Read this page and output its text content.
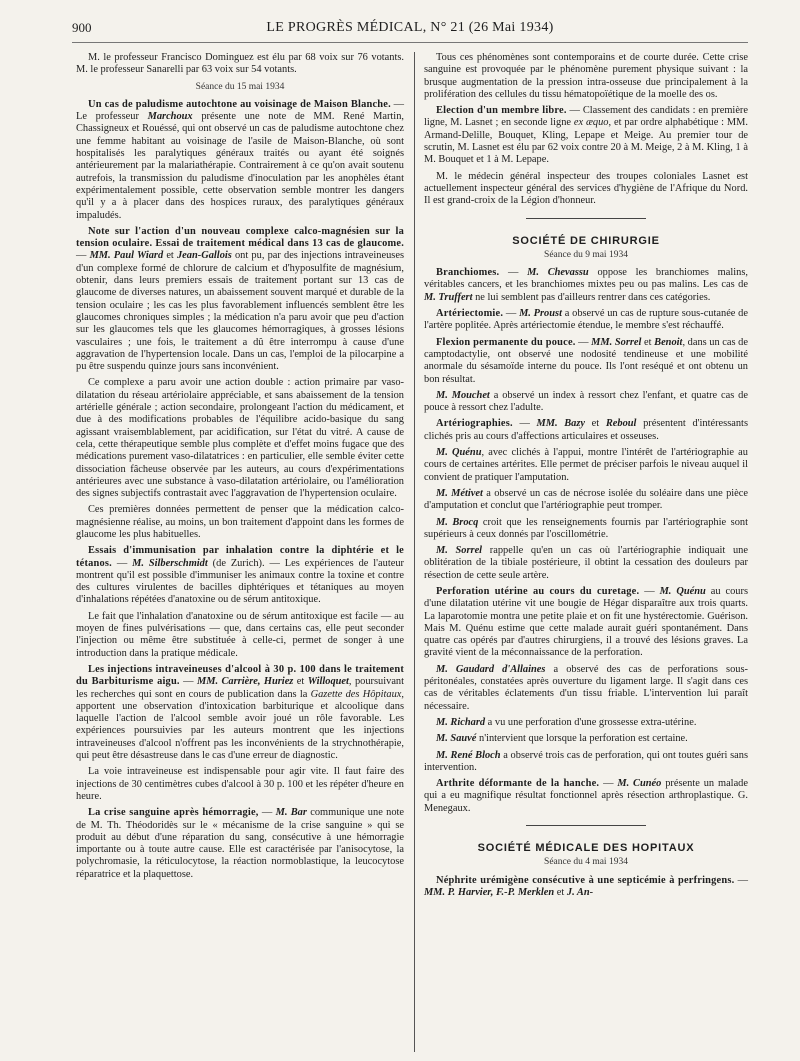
900	LE PROGRÈS MÉDICAL, N° 21 (26 Mai 1934)

M. le professeur Francisco Dominguez est élu par 68 voix sur 76 votants. M. le professeur Sanarelli par 63 voix sur 54 votants.

Séance du 15 mai 1934

Un cas de paludisme autochtone au voisinage de Maison Blanche. — Le professeur Marchoux présente une note de MM. René Martin, Chassigneux et Rouéssé, qui ont observé un cas de paludisme autochtone chez une femme habitant au voisinage de l'asile de Maison-Blanche, où sont hospitalisés les paralytiques généraux traités ou ayant été soignés antérieurement par la malariathérapie. Contrairement à ce qu'on avait soutenu autrefois, la transmission du paludisme d'inoculation par les anophèles étant expérimentalement possible, cette observation semble montrer les dangers qu'il y a à placer dans des hospices ruraux, des paralytiques généraux impaludés.

Note sur l'action d'un nouveau complexe calco-magnésien sur la tension oculaire. Essai de traitement médical dans 13 cas de glaucome. — MM. Paul Wiard et Jean-Gallois ont pu, par des injections intraveineuses d'un complexe formé de chlorure de calcium et d'hyposulfite de magnésium, obtenir, dans leurs premiers essais de traitement portant sur 13 cas de glaucome de diverses natures, un abaissement souvent marqué et durable de la tension oculaire ; les cas les plus favorablement influencés semblent être les glaucomes chroniques simples ; la médication n'a paru avoir que peu d'action sur les glaucomes tels que les glaucomes hémorragiques, à grosses lésions vasculaires ; une fois, le traitement a dû être interrompu à cause d'une aggravation de l'hypertension locale. Dans un cas, l'emploi de la pilocarpine a pu être suspendu quinze jours sans inconvénient.

Ce complexe a paru avoir une action double : action primaire par vaso-dilatation du réseau artériolaire appréciable, et sans abaissement de la tension artérielle générale ; action secondaire, prolongeant l'action du médicament, et due à des modifications probables de l'équilibre acido-basique du sang agissant vraisemblablement, par acidification, sur l'état du vitré. A cause de cela, cette thérapeutique semble plus complète et d'effet moins fugace que des médications purement vaso-dilatatrices : en particulier, elle semble éviter cette dissociation fâcheuse observée par les auteurs, au cours d'expérimentations antérieures avec une substance à vaso-dilatation artériolaire, ou l'amélioration des signes subjectifs contrastait avec l'aggravation de l'hypertension oculaire.

Ces premières données permettent de penser que la médication calco-magnésienne réalise, au moins, un bon traitement d'appoint dans les formes de glaucome les plus habituelles.

Essais d'immunisation par inhalation contre la diphtérie et le tétanos. — M. Silberschmidt (de Zurich). — Les expériences de l'auteur montrent qu'il est possible d'immuniser les animaux contre la toxine et contre des cultures virulentes de bacilles diphtériques et tétaniques au moyen d'inhalations répétées d'anatoxine ou de sérum antitoxique.

Le fait que l'inhalation d'anatoxine ou de sérum antitoxique est facile — au moyen de fines pulvérisations — que, dans certains cas, elle peut seconder l'injection ou même être substituée à celle-ci, permet de songer à une introduction dans la pratique médicale.

Les injections intraveineuses d'alcool à 30 p. 100 dans le traitement du Barbiturisme aigu. — MM. Carrière, Huriez et Willoquet, poursuivant les recherches qui sont en cours de publication dans la Gazette des Hôpitaux, apportent une observation d'intoxication barbiturique et alcoolique dans laquelle l'action de l'alcool semble avoir joué un rôle favorable. Les expériences poursuivies par les auteurs montrent que les injections intraveineuses d'alcool n'offrent pas les inconvénients de la strychnothérapie, qui peut être désastreuse dans le cas d'une erreur de diagnostic.

La voie intraveineuse est indispensable pour agir vite. Il faut faire des injections de 30 centimètres cubes d'alcool à 30 p. 100 et les répéter d'heure en heure.

La crise sanguine après hémorragie, — M. Bar communique une note de M. Th. Théodoridès sur le « mécanisme de la crise sanguine » qui se produit au début d'une réparation du sang, consécutive à une hémorragie importante ou à toute autre cause. Elle est caractérisée par l'anisocytose, la polychromasie, la réticulocytose, la réaction normoblastique, la leucocytose réparatrice et la plaquettose.

Tous ces phénomènes sont contemporains et de courte durée. Cette crise sanguine est provoquée par le phénomène purement physique suivant : la brusque augmentation de la pression intra-osseuse due principalement à la prolifération des cellules du tissu hématopoïétique de la moelle des os.

Election d'un membre libre. — Classement des candidats : en première ligne, M. Lasnet ; en seconde ligne ex æquo, et par ordre alphabétique : MM. Armand-Delille, Bouquet, Kling, Lepape et Meige. Au premier tour de scrutin, M. Lasnet est élu par 62 voix contre 20 à M. Meige, 2 à M. Kling, 1 à M. Bouquet et 1 à M. Lepape.

M. le médecin général inspecteur des troupes coloniales Lasnet est actuellement inspecteur général des services d'hygiène de l'Afrique du Nord. Il est grand-croix de la Légion d'honneur.

SOCIÉTÉ DE CHIRURGIE

Séance du 9 mai 1934

Branchiomes. — M. Chevassu oppose les branchiomes malins, véritables cancers, et les branchiomes mixtes peu ou pas malins. Les cas de M. Truffert ne lui semblent pas d'ailleurs rentrer dans ces catégories.

Artériectomie. — M. Proust a observé un cas de rupture sous-cutanée de l'artère poplitée. Après artériectomie étendue, le membre s'est réchauffé.

Flexion permanente du pouce. — MM. Sorrel et Benoit, dans un cas de camptodactylie, ont observé une nodosité tendineuse et une mobilité anormale du sésamoïde interne du pouce. Ils l'ont reséqué et ont obtenu un bon résultat.

M. Mouchet a observé un index à ressort chez l'enfant, et quatre cas de pouce à ressort chez l'adulte.

Artériographies. — MM. Bazy et Reboul présentent d'intéressants clichés pris au cours d'affections articulaires et osseuses.

M. Quénu, avec clichés à l'appui, montre l'intérêt de l'artériographie au cours de certaines artérites. Elle permet de préciser parfois le niveau auquel il convient de pratiquer l'amputation.

M. Métivet a observé un cas de nécrose isolée du soléaire dans une pièce d'amputation et conclut que l'artériographie peut tromper.

M. Brocq croit que les renseignements fournis par l'artériographie sont supérieurs à ceux donnés par l'oscillométrie.

M. Sorrel rappelle qu'en un cas où l'artériographie indiquait une oblitération de la tibiale postérieure, il obtint la cessation des douleurs par résection de cette seule artère.

Perforation utérine au cours du curetage. — M. Quénu au cours d'une dilatation utérine vit une bougie de Hégar disparaître aux trois quarts. La laparotomie montra une petite plaie et on fit une hystérectomie. Guérison. Mais M. Quénu estime que cette malade aurait guéri spontanément. Dans quatre cas opérés par d'autres chirurgiens, il a trouvé des lésions graves. La gravité vient de la méconnaissance de la perforation.

M. Gaudard d'Allaines a observé des cas de perforations sous-péritonéales, constatées après ouverture du ligament large. Il s'agit dans ces cas de véritables éclatements d'un tissu friable. L'intervention lui paraît nécessaire.

M. Richard a vu une perforation d'une grossesse extra-utérine.

M. Sauvé n'intervient que lorsque la perforation est certaine.

M. René Bloch a observé trois cas de perforation, qui ont toutes guéri sans intervention.

Arthrite déformante de la hanche. — M. Cunéo présente un malade qui a eu magnifique résultat fonctionnel après résection arthroplastique. G. Menegaux.

SOCIÉTÉ MÉDICALE DES HOPITAUX

Séance du 4 mai 1934

Néphrite urémigène consécutive à une septicémie à perfringens. — MM. P. Harvier, F.-P. Merklen et J. An-
